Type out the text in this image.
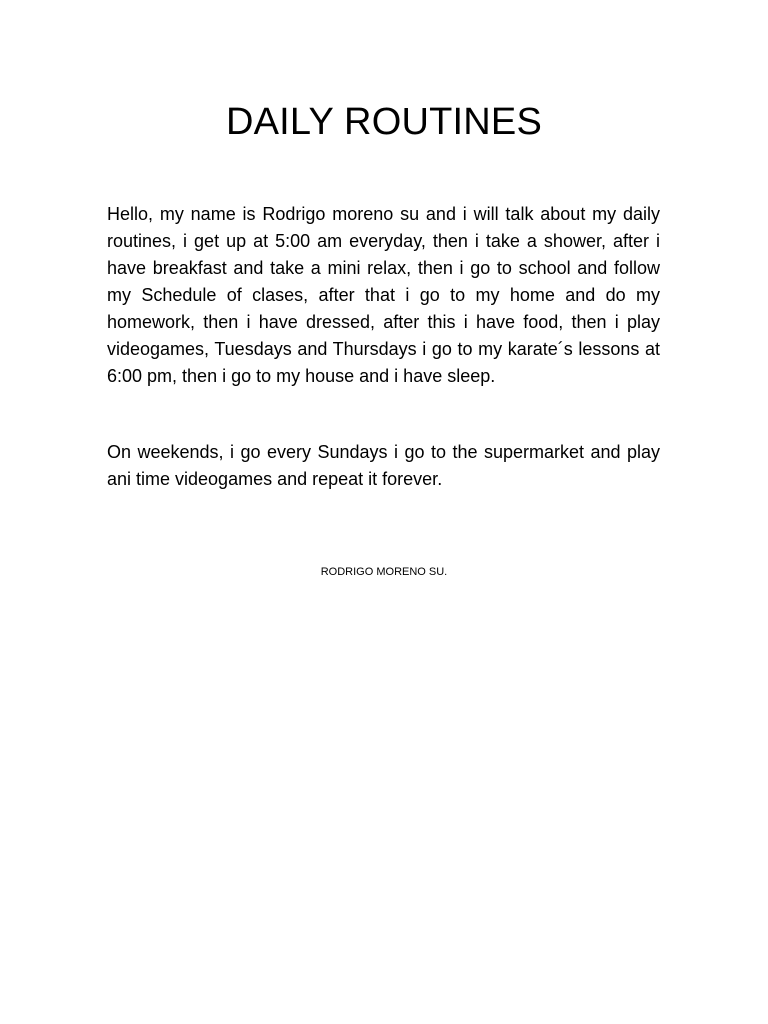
DAILY ROUTINES

Hello, my name is Rodrigo moreno su and i will talk about my daily routines, i get up at 5:00 am everyday, then i take a shower, after i have breakfast and take a mini relax, then i go to school and follow my Schedule of clases, after that i go to my home and do my homework, then i have dressed, after this i have food, then i play videogames, Tuesdays and Thursdays i go to my karate´s lessons at 6:00 pm, then i go to my house and i have sleep.

On weekends, i go every Sundays i go to the supermarket and play ani time videogames and repeat it forever.

RODRIGO MORENO SU.
